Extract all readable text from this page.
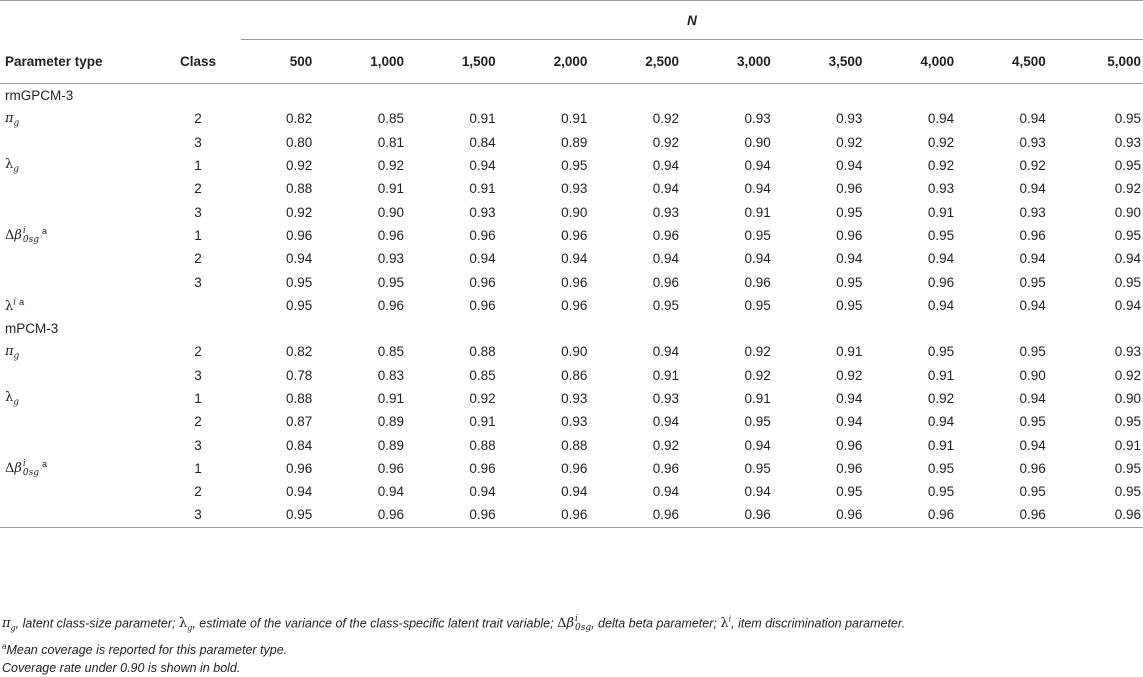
		N									
Parameter type	Class	500	1,000	1,500	2,000	2,500	3,000	3,500	4,000	4,500	5,000
rmGPCM-3											
$\pi_g$	2	0.82	0.85	0.91	0.91	0.92	0.93	0.93	0.94	0.94	0.95
	3	0.80	0.81	0.84	0.89	0.92	0.90	0.92	0.92	0.93	0.93
$\lambda_g$	1	0.92	0.92	0.94	0.95	0.94	0.94	0.94	0.92	0.92	0.95
	2	0.88	0.91	0.91	0.93	0.94	0.94	0.96	0.93	0.94	0.92
	3	0.92	0.90	0.93	0.90	0.93	0.91	0.95	0.91	0.93	0.90
Δβ i
0sg
$^a$	1	0.96	0.96	0.96	0.96	0.96	0.95	0.96	0.95	0.96	0.95
	2	0.94	0.93	0.94	0.94	0.94	0.94	0.94	0.94	0.94	0.94
	3	0.95	0.95	0.96	0.96	0.96	0.96	0.95	0.96	0.95	0.95
$\lambda^i$ $^a$		0.95	0.96	0.96	0.96	0.95	0.95	0.95	0.94	0.94	0.94
mPCM-3											
$\pi_g$	2	0.82	0.85	0.88	0.90	0.94	0.92	0.91	0.95	0.95	0.93
	3	0.78	0.83	0.85	0.86	0.91	0.92	0.92	0.91	0.90	0.92
$\lambda_g$	1	0.88	0.91	0.92	0.93	0.93	0.91	0.94	0.92	0.94	0.90
	2	0.87	0.89	0.91	0.93	0.94	0.95	0.94	0.94	0.95	0.95
	3	0.84	0.89	0.88	0.88	0.92	0.94	0.96	0.91	0.94	0.91
Δβ i
0sg
$^a$	1	0.96	0.96	0.96	0.96	0.96	0.95	0.96	0.95	0.96	0.95
	2	0.94	0.94	0.94	0.94	0.94	0.94	0.95	0.95	0.95	0.95
	3	0.95	0.96	0.96	0.96	0.96	0.96	0.96	0.96	0.96	0.96
$\pi_g$, latent class-size parameter; $\lambda_g$, estimate of the variance of the class-specific latent trait variable; Δβ i
0sg , delta beta parameter; $\lambda^i$, item discrimination parameter.
$^a$Mean coverage is reported for this parameter type.
Coverage rate under 0.90 is shown in bold.
